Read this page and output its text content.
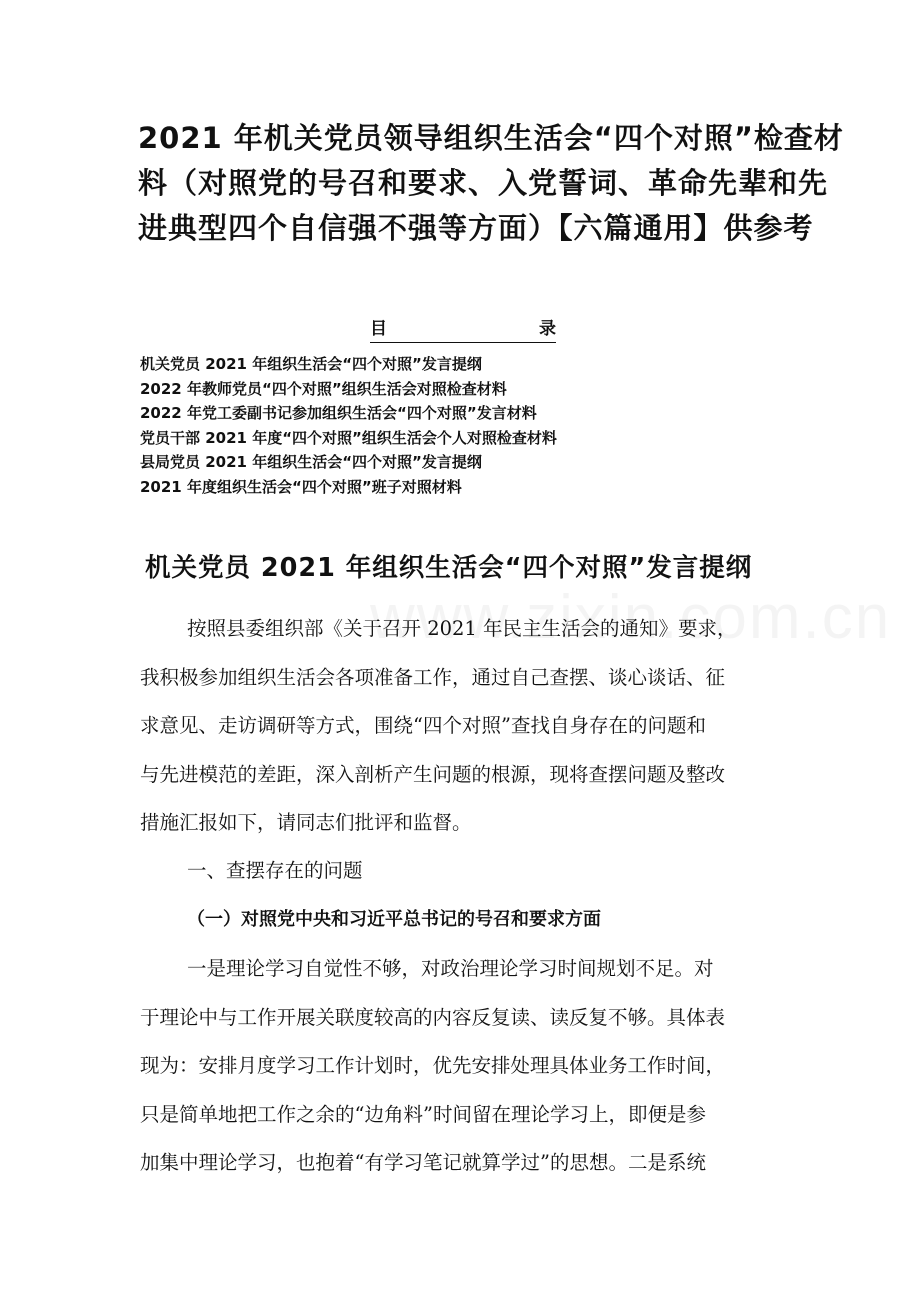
2021 年机关党员领导组织生活会“四个对照”检查材
料（对照党的号召和要求、入党誓词、革命先辈和先
进典型四个自信强不强等方面）【六篇通用】供参考
目	录
机关党员 2021 年组织生活会“四个对照”发言提纲
2022 年教师党员“四个对照”组织生活会对照检查材料
2022 年党工委副书记参加组织生活会“四个对照”发言材料
党员干部 2021 年度“四个对照”组织生活会个人对照检查材料
县局党员 2021 年组织生活会“四个对照”发言提纲
2021 年度组织生活会“四个对照”班子对照材料
机关党员 2021 年组织生活会“四个对照”发言提纲
按照县委组织部《关于召开 2021 年民主生活会的通知》要求，
我积极参加组织生活会各项准备工作，通过自己查摆、谈心谈话、征
求意见、走访调研等方式，围绕“四个对照”查找自身存在的问题和
与先进模范的差距，深入剖析产生问题的根源，现将查摆问题及整改
措施汇报如下，请同志们批评和监督。
一、查摆存在的问题
（一）对照党中央和习近平总书记的号召和要求方面
一是理论学习自觉性不够，对政治理论学习时间规划不足。对
于理论中与工作开展关联度较高的内容反复读、读反复不够。具体表
现为：安排月度学习工作计划时，优先安排处理具体业务工作时间，
只是简单地把工作之余的“边角料”时间留在理论学习上，即便是参
加集中理论学习，也抱着“有学习笔记就算学过”的思想。二是系统
